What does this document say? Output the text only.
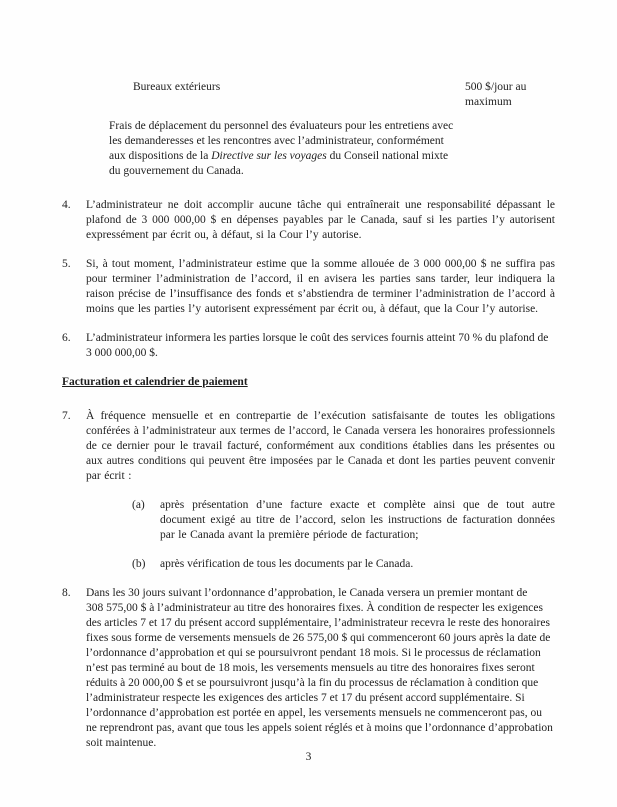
Bureaux extérieurs	500 $/jour au maximum

Frais de déplacement du personnel des évaluateurs pour les entretiens avec les demanderesses et les rencontres avec l’administrateur, conformément aux dispositions de la Directive sur les voyages du Conseil national mixte du gouvernement du Canada.

4.	L’administrateur ne doit accomplir aucune tâche qui entraînerait une responsabilité dépassant le plafond de 3 000 000,00 $ en dépenses payables par le Canada, sauf si les parties l’y autorisent expressément par écrit ou, à défaut, si la Cour l’y autorise.
5.	Si, à tout moment, l’administrateur estime que la somme allouée de 3 000 000,00 $ ne suffira pas pour terminer l’administration de l’accord, il en avisera les parties sans tarder, leur indiquera la raison précise de l’insuffisance des fonds et s’abstiendra de terminer l’administration de l’accord à moins que les parties l’y autorisent expressément par écrit ou, à défaut, que la Cour l’y autorise.
6.	L’administrateur informera les parties lorsque le coût des services fournis atteint 70 % du plafond de 3 000 000,00 $.
Facturation et calendrier de paiement
7.	À fréquence mensuelle et en contrepartie de l’exécution satisfaisante de toutes les obligations conférées à l’administrateur aux termes de l’accord, le Canada versera les honoraires professionnels de ce dernier pour le travail facturé, conformément aux conditions établies dans les présentes ou aux autres conditions qui peuvent être imposées par le Canada et dont les parties peuvent convenir par écrit :
(a)	après présentation d’une facture exacte et complète ainsi que de tout autre document exigé au titre de l’accord, selon les instructions de facturation données par le Canada avant la première période de facturation;
(b)	après vérification de tous les documents par le Canada.
8.	Dans les 30 jours suivant l’ordonnance d’approbation, le Canada versera un premier montant de 308 575,00 $ à l’administrateur au titre des honoraires fixes. À condition de respecter les exigences des articles 7 et 17 du présent accord supplémentaire, l’administrateur recevra le reste des honoraires fixes sous forme de versements mensuels de 26 575,00 $ qui commenceront 60 jours après la date de l’ordonnance d’approbation et qui se poursuivront pendant 18 mois. Si le processus de réclamation n’est pas terminé au bout de 18 mois, les versements mensuels au titre des honoraires fixes seront réduits à 20 000,00 $ et se poursuivront jusqu’à la fin du processus de réclamation à condition que l’administrateur respecte les exigences des articles 7 et 17 du présent accord supplémentaire. Si l’ordonnance d’approbation est portée en appel, les versements mensuels ne commenceront pas, ou ne reprendront pas, avant que tous les appels soient réglés et à moins que l’ordonnance d’approbation soit maintenue.
3
